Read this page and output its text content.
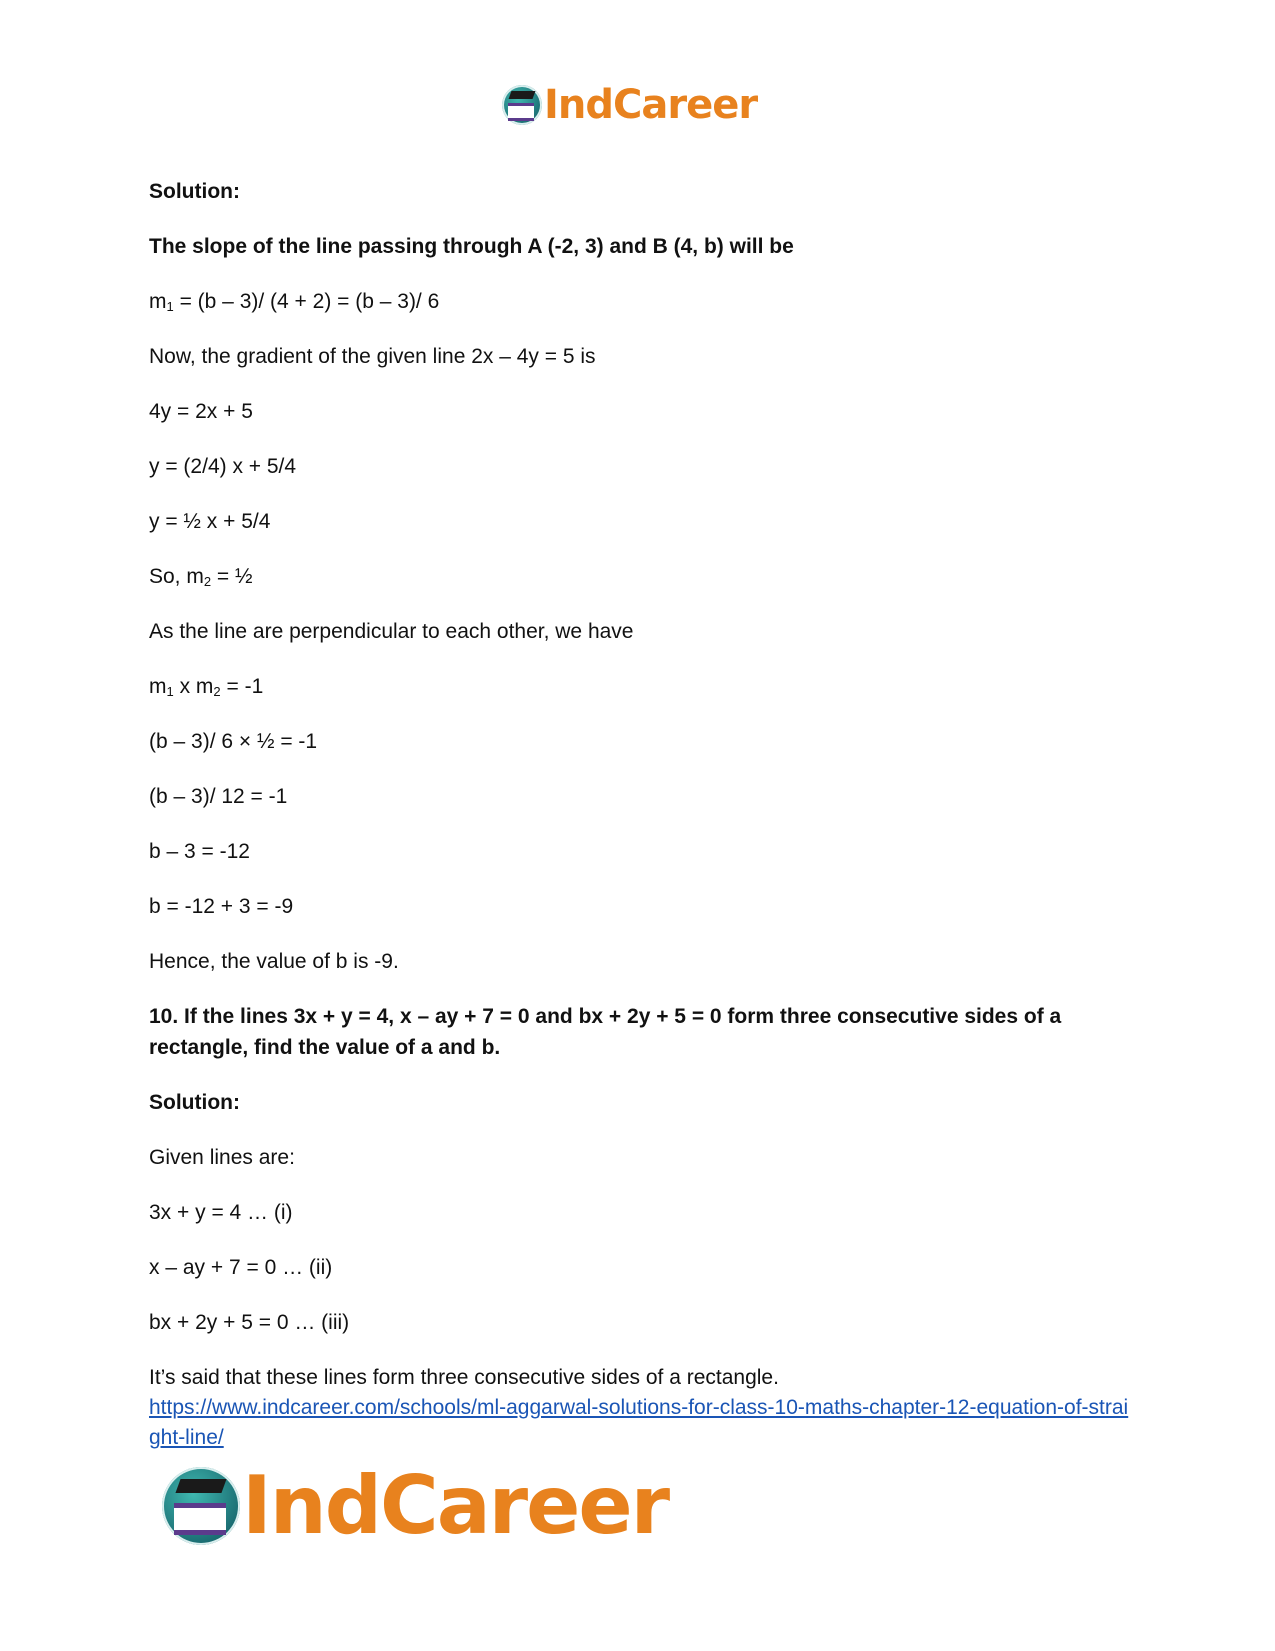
IndCareer

Solution:

The slope of the line passing through A (-2, 3) and B (4, b) will be

$m_1 = (b - 3)/$ (4 + 2) = (b – 3)/ 6

Now, the gradient of the given line 2x – 4y = 5 is

4y = 2x + 5

y = (2/4) x + 5/4

y = ½ x + 5/4

So, $m_2$ = ½

As the line are perpendicular to each other, we have

$m_1$ x $m_2 = -1$

(b – 3)/ 6 × ½ = -1

(b – 3)/ 12 = -1

b – 3 = -12

b = -12 + 3 = -9

Hence, the value of b is -9.

10. If the lines 3x + y = 4, x – ay + 7 = 0 and bx + 2y + 5 = 0 form three consecutive sides of a rectangle, find the value of a and b.

Solution:

Given lines are:

3x + y = 4 … (i)

x – ay + 7 = 0 … (ii)

bx + 2y + 5 = 0 … (iii)

It’s said that these lines form three consecutive sides of a rectangle.

https://www.indcareer.com/schools/ml-aggarwal-solutions-for-class-10-maths-chapter-12-equation-of-straight-line/
IndCareer
